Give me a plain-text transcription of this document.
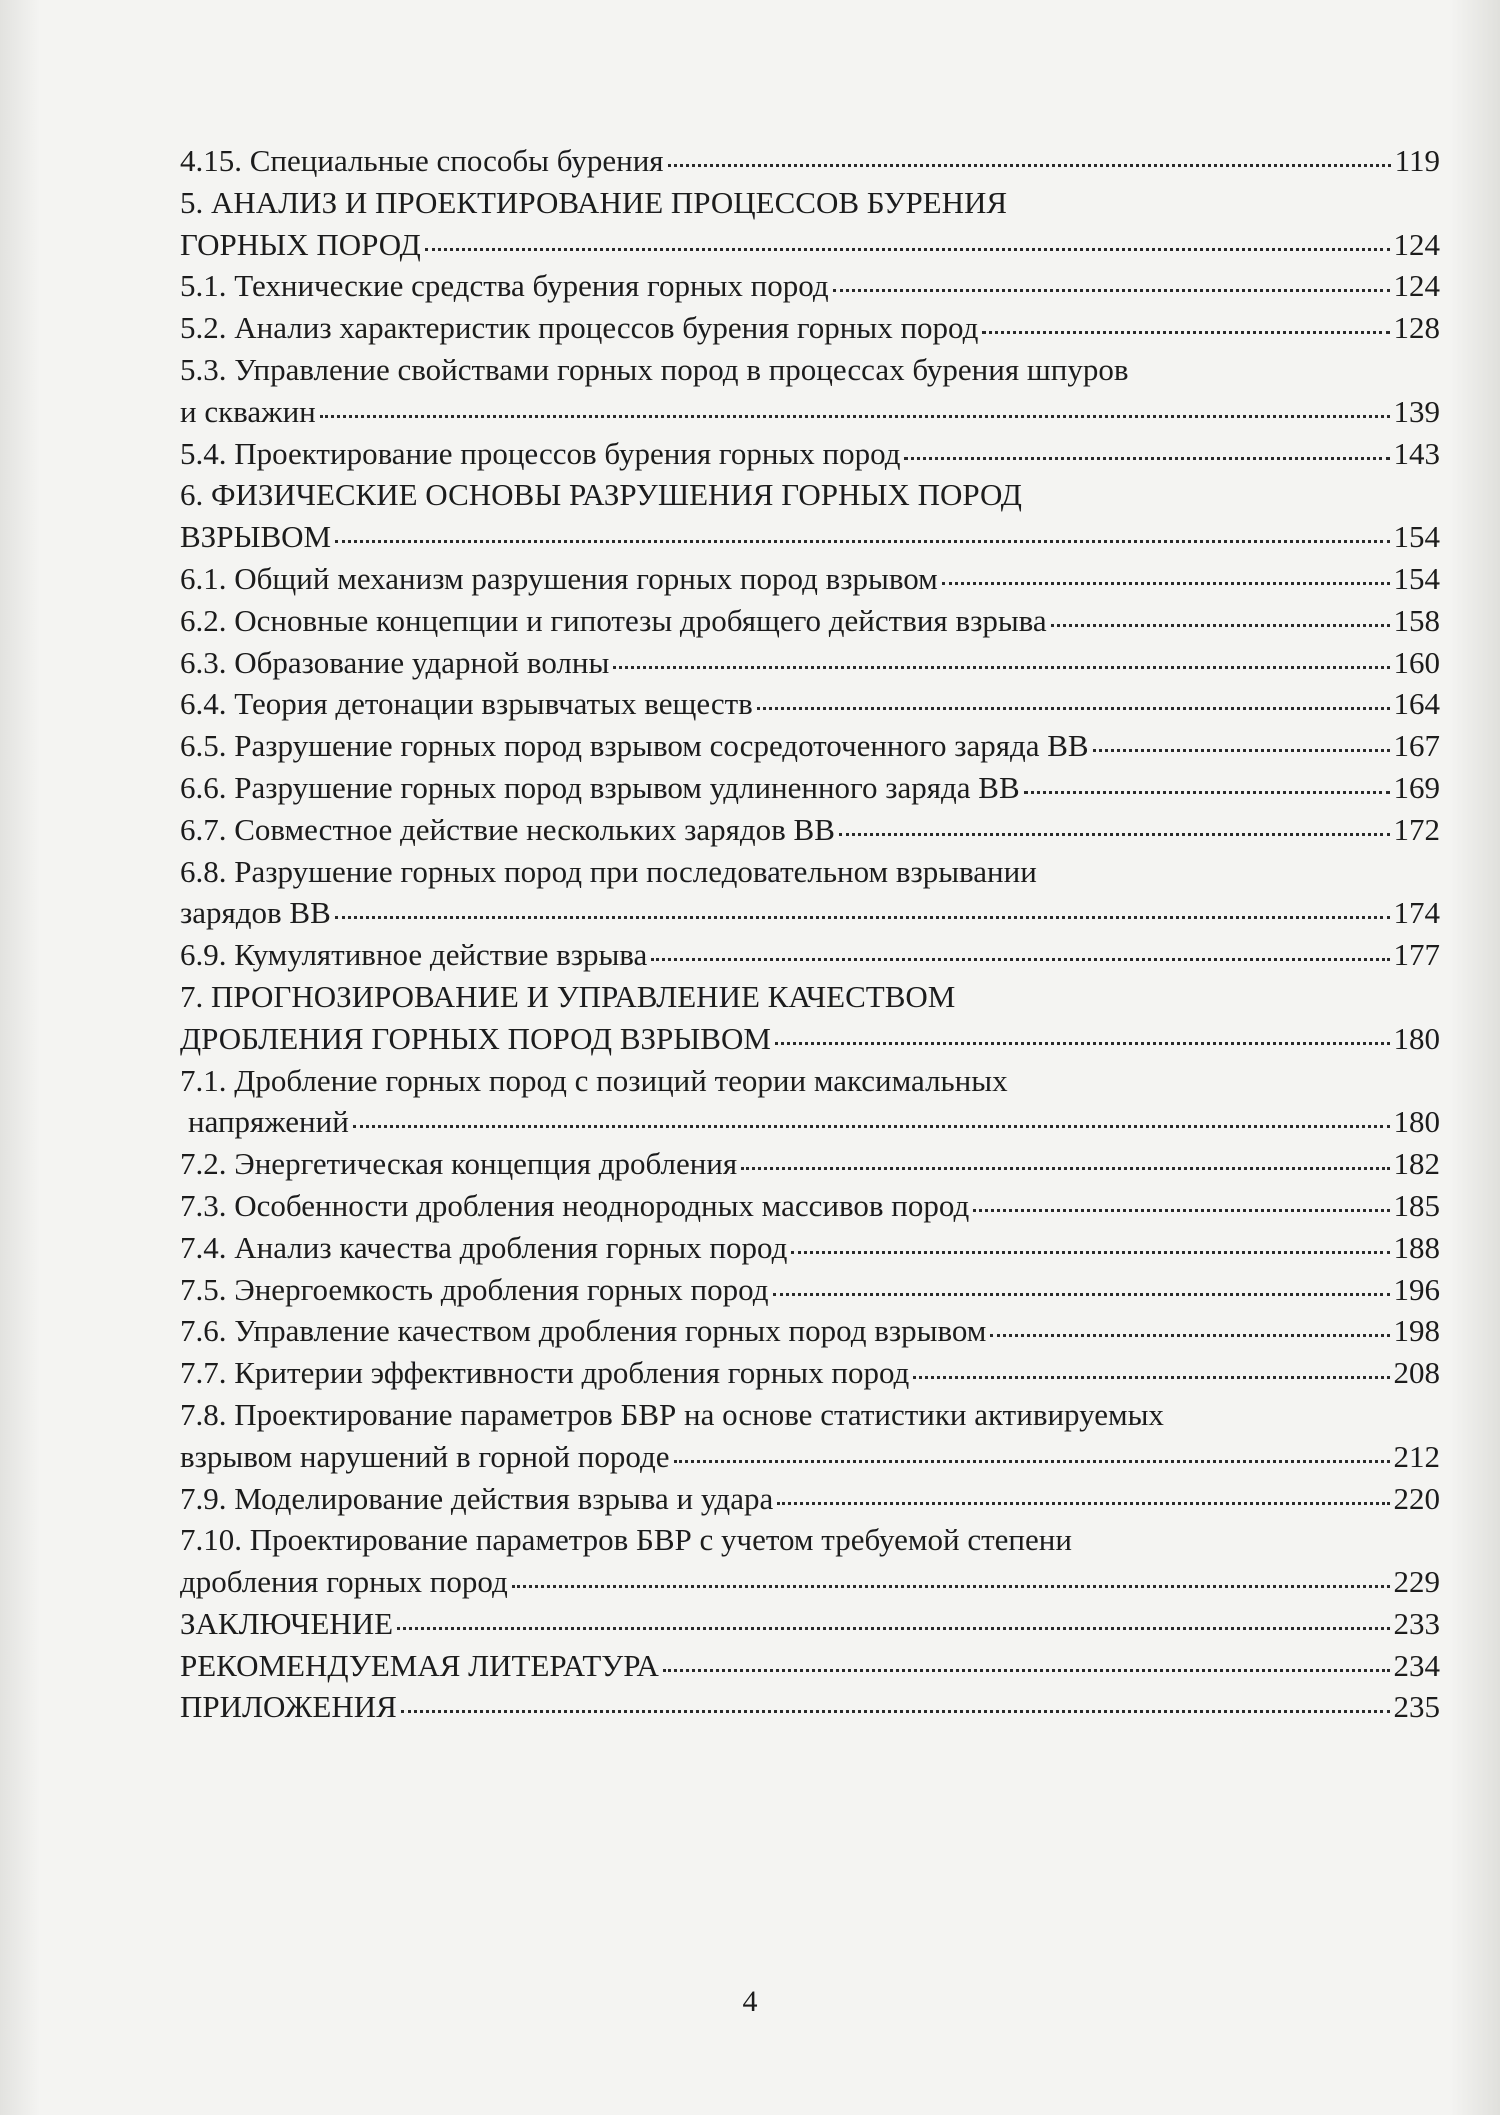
4.15. Специальные способы бурения	119
5. АНАЛИЗ И ПРОЕКТИРОВАНИЕ ПРОЦЕССОВ БУРЕНИЯ
ГОРНЫХ ПОРОД	124
5.1. Технические средства бурения горных пород	124
5.2. Анализ характеристик процессов бурения горных пород	128
5.3. Управление свойствами горных пород в процессах бурения шпуров
и скважин	139
5.4. Проектирование процессов бурения горных пород	143
6. ФИЗИЧЕСКИЕ ОСНОВЫ РАЗРУШЕНИЯ ГОРНЫХ ПОРОД
ВЗРЫВОМ	154
6.1. Общий механизм разрушения горных пород взрывом	154
6.2. Основные концепции и гипотезы дробящего действия взрыва	158
6.3. Образование ударной волны	160
6.4. Теория детонации взрывчатых веществ	164
6.5. Разрушение горных пород взрывом сосредоточенного заряда ВВ	167
6.6. Разрушение горных пород взрывом удлиненного заряда ВВ	169
6.7. Совместное действие нескольких зарядов ВВ	172
6.8. Разрушение горных пород при последовательном взрывании
зарядов ВВ	174
6.9. Кумулятивное действие взрыва	177
7. ПРОГНОЗИРОВАНИЕ И УПРАВЛЕНИЕ КАЧЕСТВОМ
ДРОБЛЕНИЯ ГОРНЫХ ПОРОД ВЗРЫВОМ	180
7.1. Дробление горных пород с позиций теории максимальных
напряжений	180
7.2. Энергетическая концепция дробления	182
7.3. Особенности дробления неоднородных массивов пород	185
7.4. Анализ качества дробления горных пород	188
7.5. Энергоемкость дробления горных пород	196
7.6. Управление качеством дробления горных пород взрывом	198
7.7. Критерии эффективности дробления горных пород	208
7.8. Проектирование параметров БВР на основе статистики активируемых
взрывом нарушений в горной породе	212
7.9. Моделирование действия взрыва и удара	220
7.10. Проектирование параметров БВР с учетом требуемой степени
дробления горных пород	229
ЗАКЛЮЧЕНИЕ	233
РЕКОМЕНДУЕМАЯ ЛИТЕРАТУРА	234
ПРИЛОЖЕНИЯ	235
4
